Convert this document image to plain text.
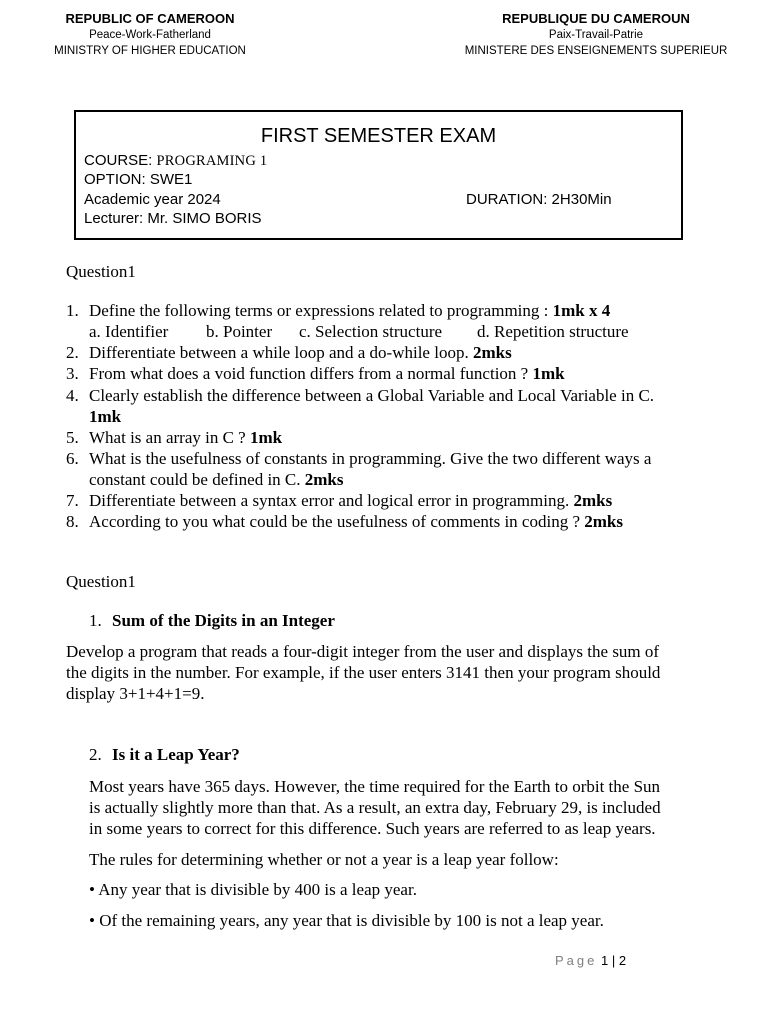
REPUBLIC OF CAMEROON
Peace-Work-Fatherland
MINISTRY OF HIGHER EDUCATION
REPUBLIQUE DU CAMEROUN
Paix-Travail-Patrie
MINISTERE DES ENSEIGNEMENTS SUPERIEUR
FIRST SEMESTER EXAM
COURSE: PROGRAMING 1
OPTION: SWE1
Academic year 2024	DURATION: 2H30Min
Lecturer: Mr. SIMO BORIS
Question1
1. Define the following terms or expressions related to programming : 1mk x 4
a. Identifier b. Pointer c. Selection structure d. Repetition structure
2. Differentiate between a while loop and a do-while loop. 2mks
3. From what does a void function differs from a normal function ? 1mk
4. Clearly establish the difference between a Global Variable and Local Variable in C.
1mk
5. What is an array in C ? 1mk
6. What is the usefulness of constants in programming. Give the two different ways a
constant could be defined in C. 2mks
7. Differentiate between a syntax error and logical error in programming. 2mks
8. According to you what could be the usefulness of comments in coding ? 2mks
Question1
1. Sum of the Digits in an Integer
Develop a program that reads a four-digit integer from the user and displays the sum of
the digits in the number. For example, if the user enters 3141 then your program should
display 3+1+4+1=9.
2. Is it a Leap Year?
Most years have 365 days. However, the time required for the Earth to orbit the Sun
is actually slightly more than that. As a result, an extra day, February 29, is included
in some years to correct for this difference. Such years are referred to as leap years.
The rules for determining whether or not a year is a leap year follow:
• Any year that is divisible by 400 is a leap year.
• Of the remaining years, any year that is divisible by 100 is not a leap year.
Page 1 | 2
